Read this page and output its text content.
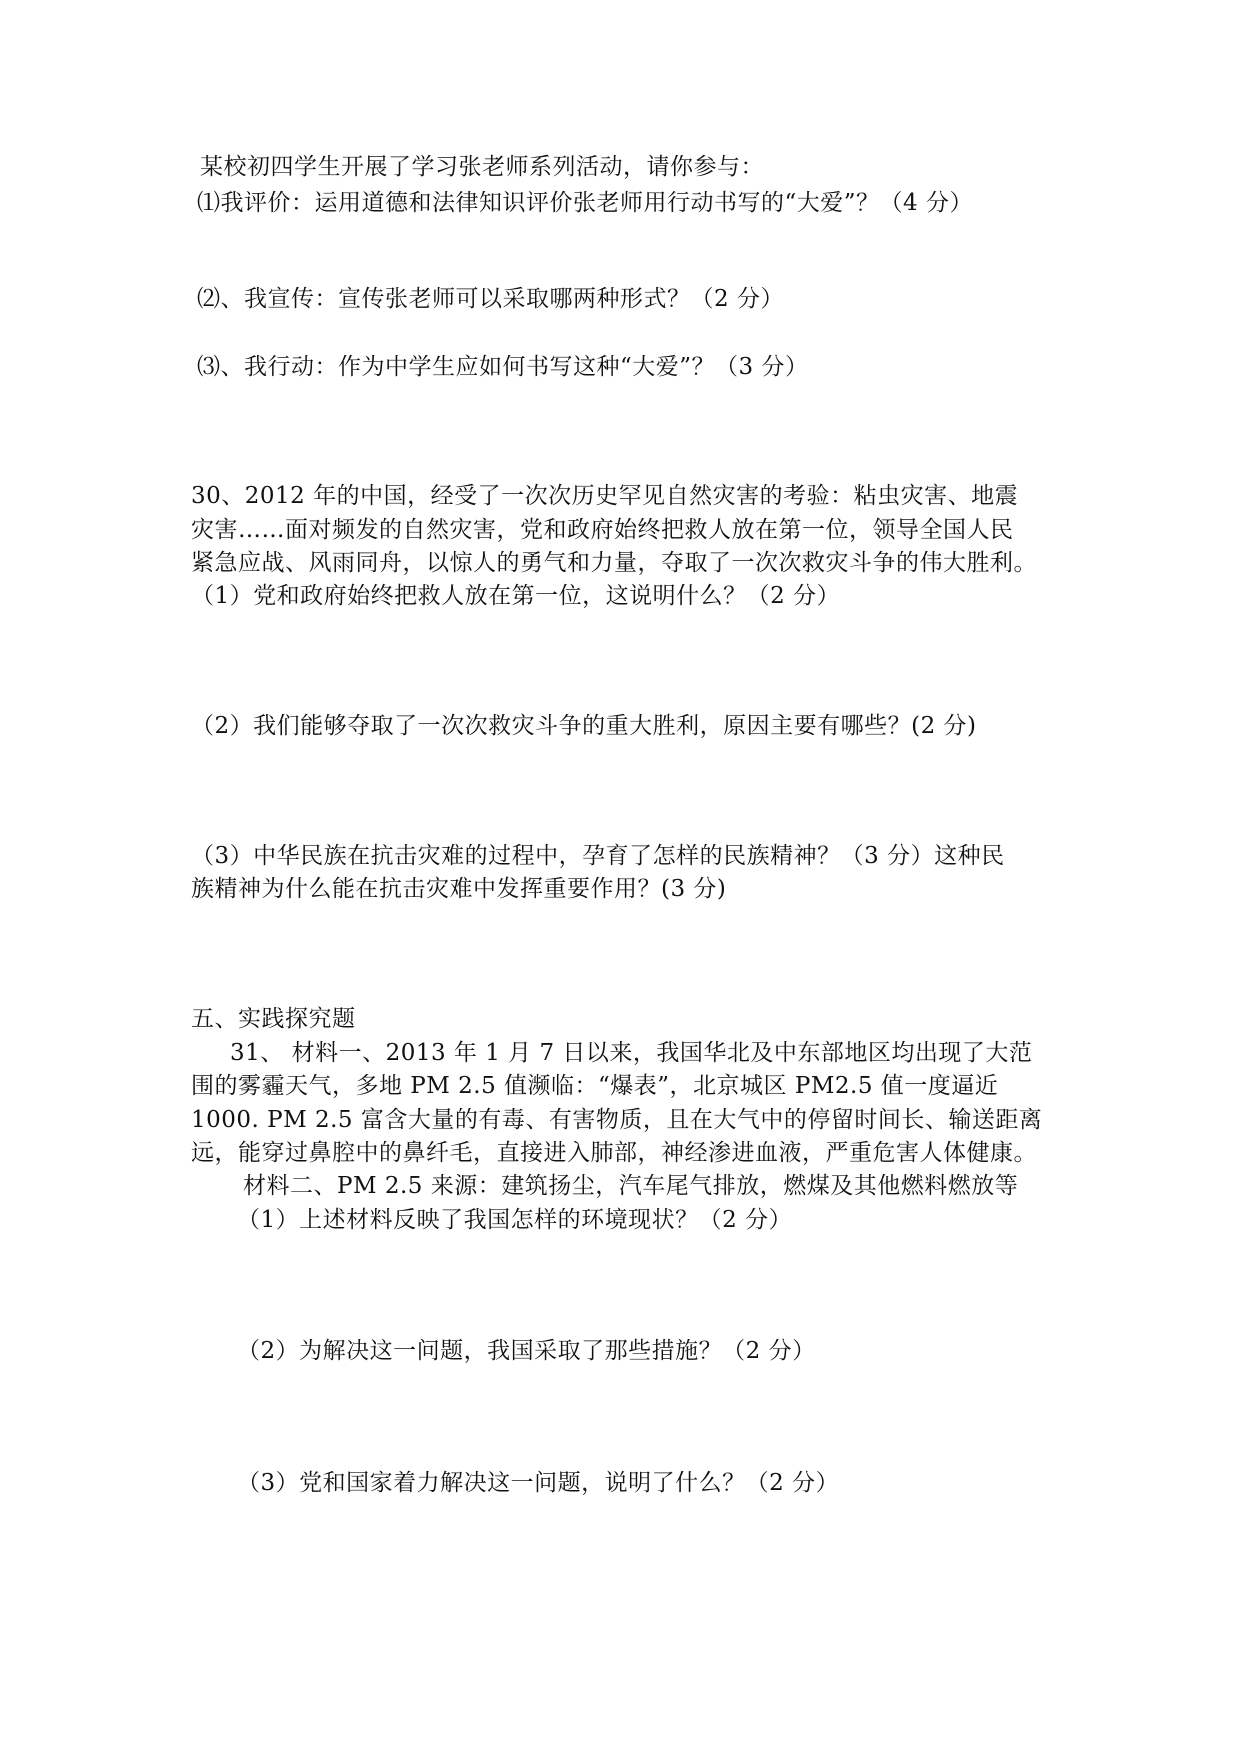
某校初四学生开展了学习张老师系列活动，请你参与：
⑴我评价：运用道德和法律知识评价张老师用行动书写的“大爱”？（4 分）
⑵、我宣传：宣传张老师可以采取哪两种形式？（2 分）
⑶、我行动：作为中学生应如何书写这种“大爱”？（3 分）
30、2012 年的中国，经受了一次次历史罕见自然灾害的考验：粘虫灾害、地震
灾害……面对频发的自然灾害，党和政府始终把救人放在第一位，领导全国人民
紧急应战、风雨同舟，以惊人的勇气和力量，夺取了一次次救灾斗争的伟大胜利。
（1）党和政府始终把救人放在第一位，这说明什么？（2 分）
（2）我们能够夺取了一次次救灾斗争的重大胜利，原因主要有哪些？(2 分)
（3）中华民族在抗击灾难的过程中，孕育了怎样的民族精神？（3 分）这种民
族精神为什么能在抗击灾难中发挥重要作用？(3 分)
五、实践探究题
31、 材料一、2013 年 1 月 7 日以来，我国华北及中东部地区均出现了大范
围的雾霾天气，多地 PM 2.5 值濒临：“爆表”，北京城区 PM2.5 值一度逼近
1000. PM 2.5 富含大量的有毒、有害物质，且在大气中的停留时间长、输送距离
远，能穿过鼻腔中的鼻纤毛，直接进入肺部，神经渗进血液，严重危害人体健康。
材料二、PM 2.5 来源：建筑扬尘，汽车尾气排放，燃煤及其他燃料燃放等
（1）上述材料反映了我国怎样的环境现状？（2 分）
（2）为解决这一问题，我国采取了那些措施？（2 分）
（3）党和国家着力解决这一问题，说明了什么？（2 分）
